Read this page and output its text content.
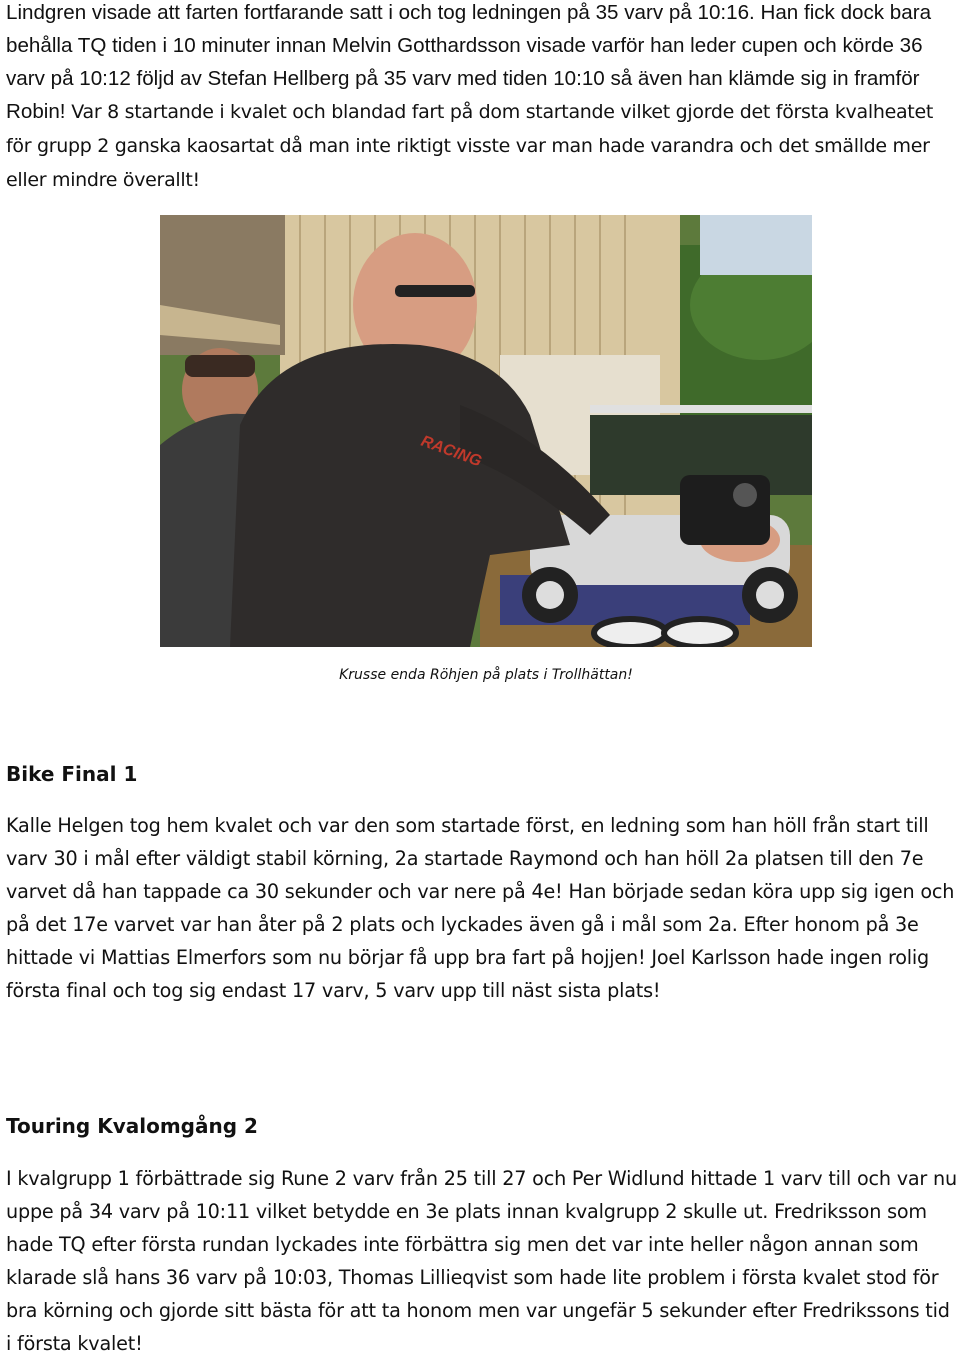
Lindgren visade att farten fortfarande satt i och tog ledningen på 35 varv på 10:16. Han fick dock bara behålla TQ tiden i 10 minuter innan Melvin Gotthardsson visade varför han leder cupen och körde 36 varv på 10:12 följd av Stefan Hellberg på 35 varv med tiden 10:10 så även han klämde sig in framför Robin! Var 8 startande i kvalet och blandad fart på dom startande vilket gjorde det första kvalheatet för grupp 2 ganska kaosartat då man inte riktigt visste var man hade varandra och det smällde mer eller mindre överallt!

RACING
Krusse enda Röhjen på plats i Trollhättan!
Bike Final 1

Kalle Helgen tog hem kvalet och var den som startade först, en ledning som han höll från start till varv 30 i mål efter väldigt stabil körning, 2a startade Raymond och han höll 2a platsen till den 7e varvet då han tappade ca 30 sekunder och var nere på 4e! Han började sedan köra upp sig igen och på det 17e varvet var han åter på 2 plats och lyckades även gå i mål som 2a. Efter honom på 3e hittade vi Mattias Elmerfors som nu börjar få upp bra fart på hojjen! Joel Karlsson hade ingen rolig första final och tog sig endast 17 varv, 5 varv upp till näst sista plats!

Touring Kvalomgång 2

I kvalgrupp 1 förbättrade sig Rune 2 varv från 25 till 27 och Per Widlund hittade 1 varv till och var nu uppe på 34 varv på 10:11 vilket betydde en 3e plats innan kvalgrupp 2 skulle ut. Fredriksson som hade TQ efter första rundan lyckades inte förbättra sig men det var inte heller någon annan som klarade slå hans 36 varv på 10:03, Thomas Lillieqvist som hade lite problem i första kvalet stod för bra körning och gjorde sitt bästa för att ta honom men var ungefär 5 sekunder efter Fredrikssons tid i första kvalet!
